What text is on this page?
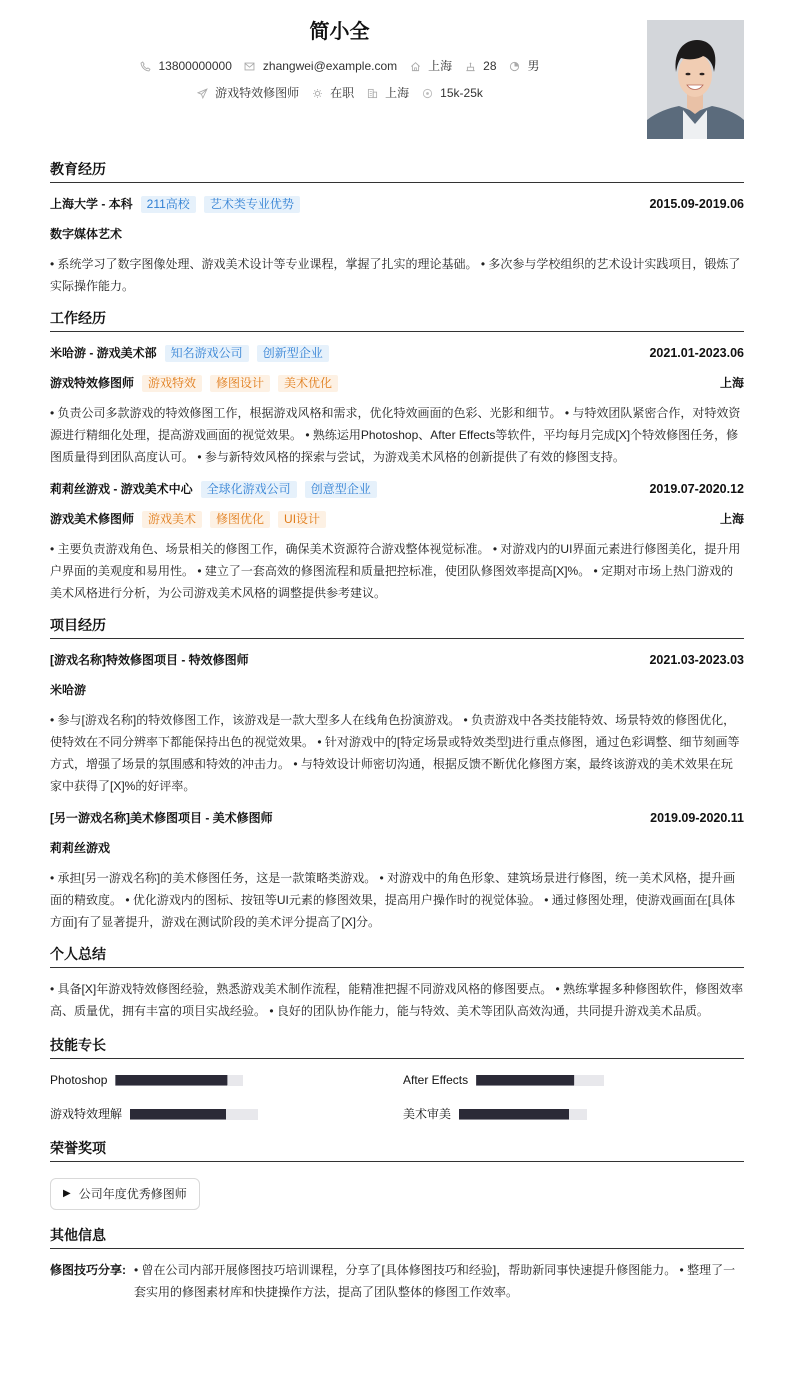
简小全
13800000000	zhangwei@example.com	上海	28	男
游戏特效修图师	在职	上海	15k-25k
教育经历
上海大学 - 本科	211高校	艺术类专业优势	2015.09-2019.06
数字媒体艺术
• 系统学习了数字图像处理、游戏美术设计等专业课程，掌握了扎实的理论基础。 • 多次参与学校组织的艺术设计实践项目，锻炼了实际操作能力。
工作经历
米哈游 - 游戏美术部	知名游戏公司	创新型企业	2021.01-2023.06
游戏特效修图师	游戏特效	修图设计	美术优化	上海
• 负责公司多款游戏的特效修图工作，根据游戏风格和需求，优化特效画面的色彩、光影和细节。 • 与特效团队紧密合作，对特效资源进行精细化处理，提高游戏画面的视觉效果。 • 熟练运用Photoshop、After Effects等软件，平均每月完成[X]个特效修图任务，修图质量得到团队高度认可。 • 参与新特效风格的探索与尝试，为游戏美术风格的创新提供了有效的修图支持。
莉莉丝游戏 - 游戏美术中心	全球化游戏公司	创意型企业	2019.07-2020.12
游戏美术修图师	游戏美术	修图优化	UI设计	上海
• 主要负责游戏角色、场景相关的修图工作，确保美术资源符合游戏整体视觉标准。 • 对游戏内的UI界面元素进行修图美化，提升用户界面的美观度和易用性。 • 建立了一套高效的修图流程和质量把控标准，使团队修图效率提高[X]%。 • 定期对市场上热门游戏的美术风格进行分析，为公司游戏美术风格的调整提供参考建议。
项目经历
[游戏名称]特效修图项目 - 特效修图师	2021.03-2023.03
米哈游
• 参与[游戏名称]的特效修图工作，该游戏是一款大型多人在线角色扮演游戏。 • 负责游戏中各类技能特效、场景特效的修图优化，使特效在不同分辨率下都能保持出色的视觉效果。 • 针对游戏中的[特定场景或特效类型]进行重点修图，通过色彩调整、细节刻画等方式，增强了场景的氛围感和特效的冲击力。 • 与特效设计师密切沟通，根据反馈不断优化修图方案，最终该游戏的美术效果在玩家中获得了[X]%的好评率。
[另一游戏名称]美术修图项目 - 美术修图师	2019.09-2020.11
莉莉丝游戏
• 承担[另一游戏名称]的美术修图任务，这是一款策略类游戏。 • 对游戏中的角色形象、建筑场景进行修图，统一美术风格，提升画面的精致度。 • 优化游戏内的图标、按钮等UI元素的修图效果，提高用户操作时的视觉体验。 • 通过修图处理，使游戏画面在[具体方面]有了显著提升，游戏在测试阶段的美术评分提高了[X]分。
个人总结
• 具备[X]年游戏特效修图经验，熟悉游戏美术制作流程，能精准把握不同游戏风格的修图要点。 • 熟练掌握多种修图软件，修图效率高、质量优，拥有丰富的项目实战经验。 • 良好的团队协作能力，能与特效、美术等团队高效沟通，共同提升游戏美术品质。
技能专长
Photoshop	After Effects
游戏特效理解	美术审美
荣誉奖项
▶ 公司年度优秀修图师
其他信息
修图技巧分享: • 曾在公司内部开展修图技巧培训课程，分享了[具体修图技巧和经验]，帮助新同事快速提升修图能力。 • 整理了一套实用的修图素材库和快捷操作方法，提高了团队整体的修图工作效率。
